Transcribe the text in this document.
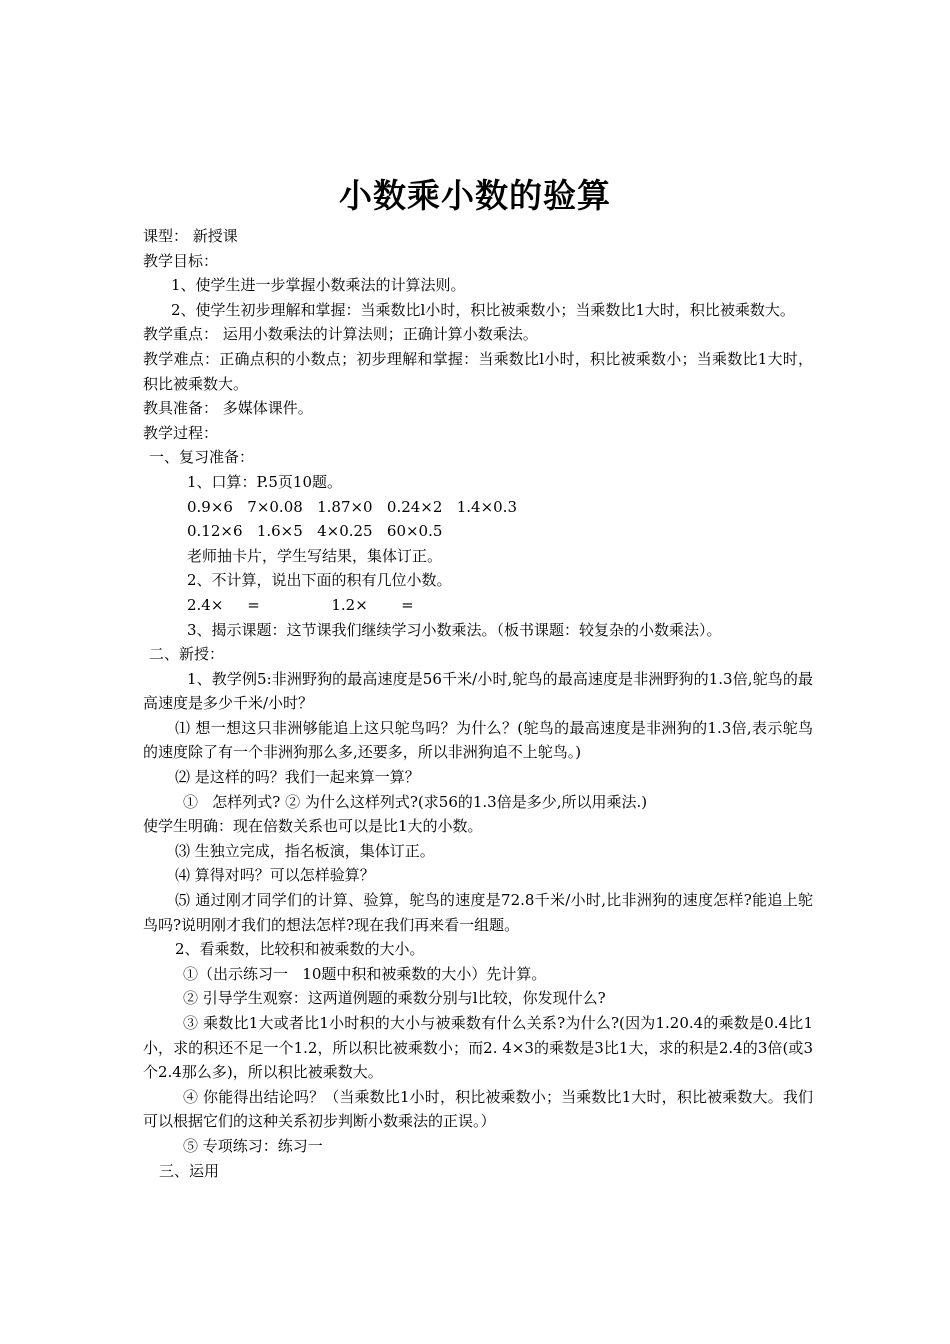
小数乘小数的验算

课型： 新授课

教学目标：

1、使学生进一步掌握小数乘法的计算法则。

2、使学生初步理解和掌握：当乘数比l小时，积比被乘数小；当乘数比1大时，积比被乘数大。

教学重点： 运用小数乘法的计算法则；正确计算小数乘法。

教学难点：正确点积的小数点；初步理解和掌握：当乘数比l小时，积比被乘数小；当乘数比1大时，积比被乘数大。

教具准备： 多媒体课件。

教学过程：

一、复习准备：

1、口算：P.5页10题。

0.9×6   7×0.08   1.87×0   0.24×2   1.4×0.3

0.12×6   1.6×5   4×0.25   60×0.5

老师抽卡片，学生写结果，集体订正。

2、不计算，说出下面的积有几位小数。

2.4×     =               1.2×       =

3、揭示课题：这节课我们继续学习小数乘法。（板书课题：较复杂的小数乘法）。

二、新授：

1、教学例5:非洲野狗的最高速度是56千米/小时,鸵鸟的最高速度是非洲野狗的1.3倍,鸵鸟的最高速度是多少千米/小时？

⑴ 想一想这只非洲够能追上这只鸵鸟吗？为什么？(鸵鸟的最高速度是非洲狗的1.3倍,表示鸵鸟的速度除了有一个非洲狗那么多,还要多，所以非洲狗追不上鸵鸟。)

⑵ 是这样的吗？我们一起来算一算？

①   怎样列式? ② 为什么这样列式?(求56的1.3倍是多少,所以用乘法.)

使学生明确：现在倍数关系也可以是比1大的小数。

⑶ 生独立完成，指名板演，集体订正。

⑷ 算得对吗？可以怎样验算？

⑸ 通过刚才同学们的计算、验算，鸵鸟的速度是72.8千米/小时,比非洲狗的速度怎样?能追上鸵鸟吗?说明刚才我们的想法怎样?现在我们再来看一组题。

2、看乘数，比较积和被乘数的大小。

①（出示练习一   10题中积和被乘数的大小）先计算。

② 引导学生观察：这两道例题的乘数分别与l比较，你发现什么?

③ 乘数比1大或者比1小时积的大小与被乘数有什么关系?为什么?(因为1.20.4的乘数是0.4比1小，求的积还不足一个1.2，所以积比被乘数小；而2. 4×3的乘数是3比1大，求的积是2.4的3倍(或3个2.4那么多)，所以积比被乘数大。

④ 你能得出结论吗？（当乘数比1小时，积比被乘数小；当乘数比1大时，积比被乘数大。我们可以根据它们的这种关系初步判断小数乘法的正误。）

⑤ 专项练习：练习一

三、运用
